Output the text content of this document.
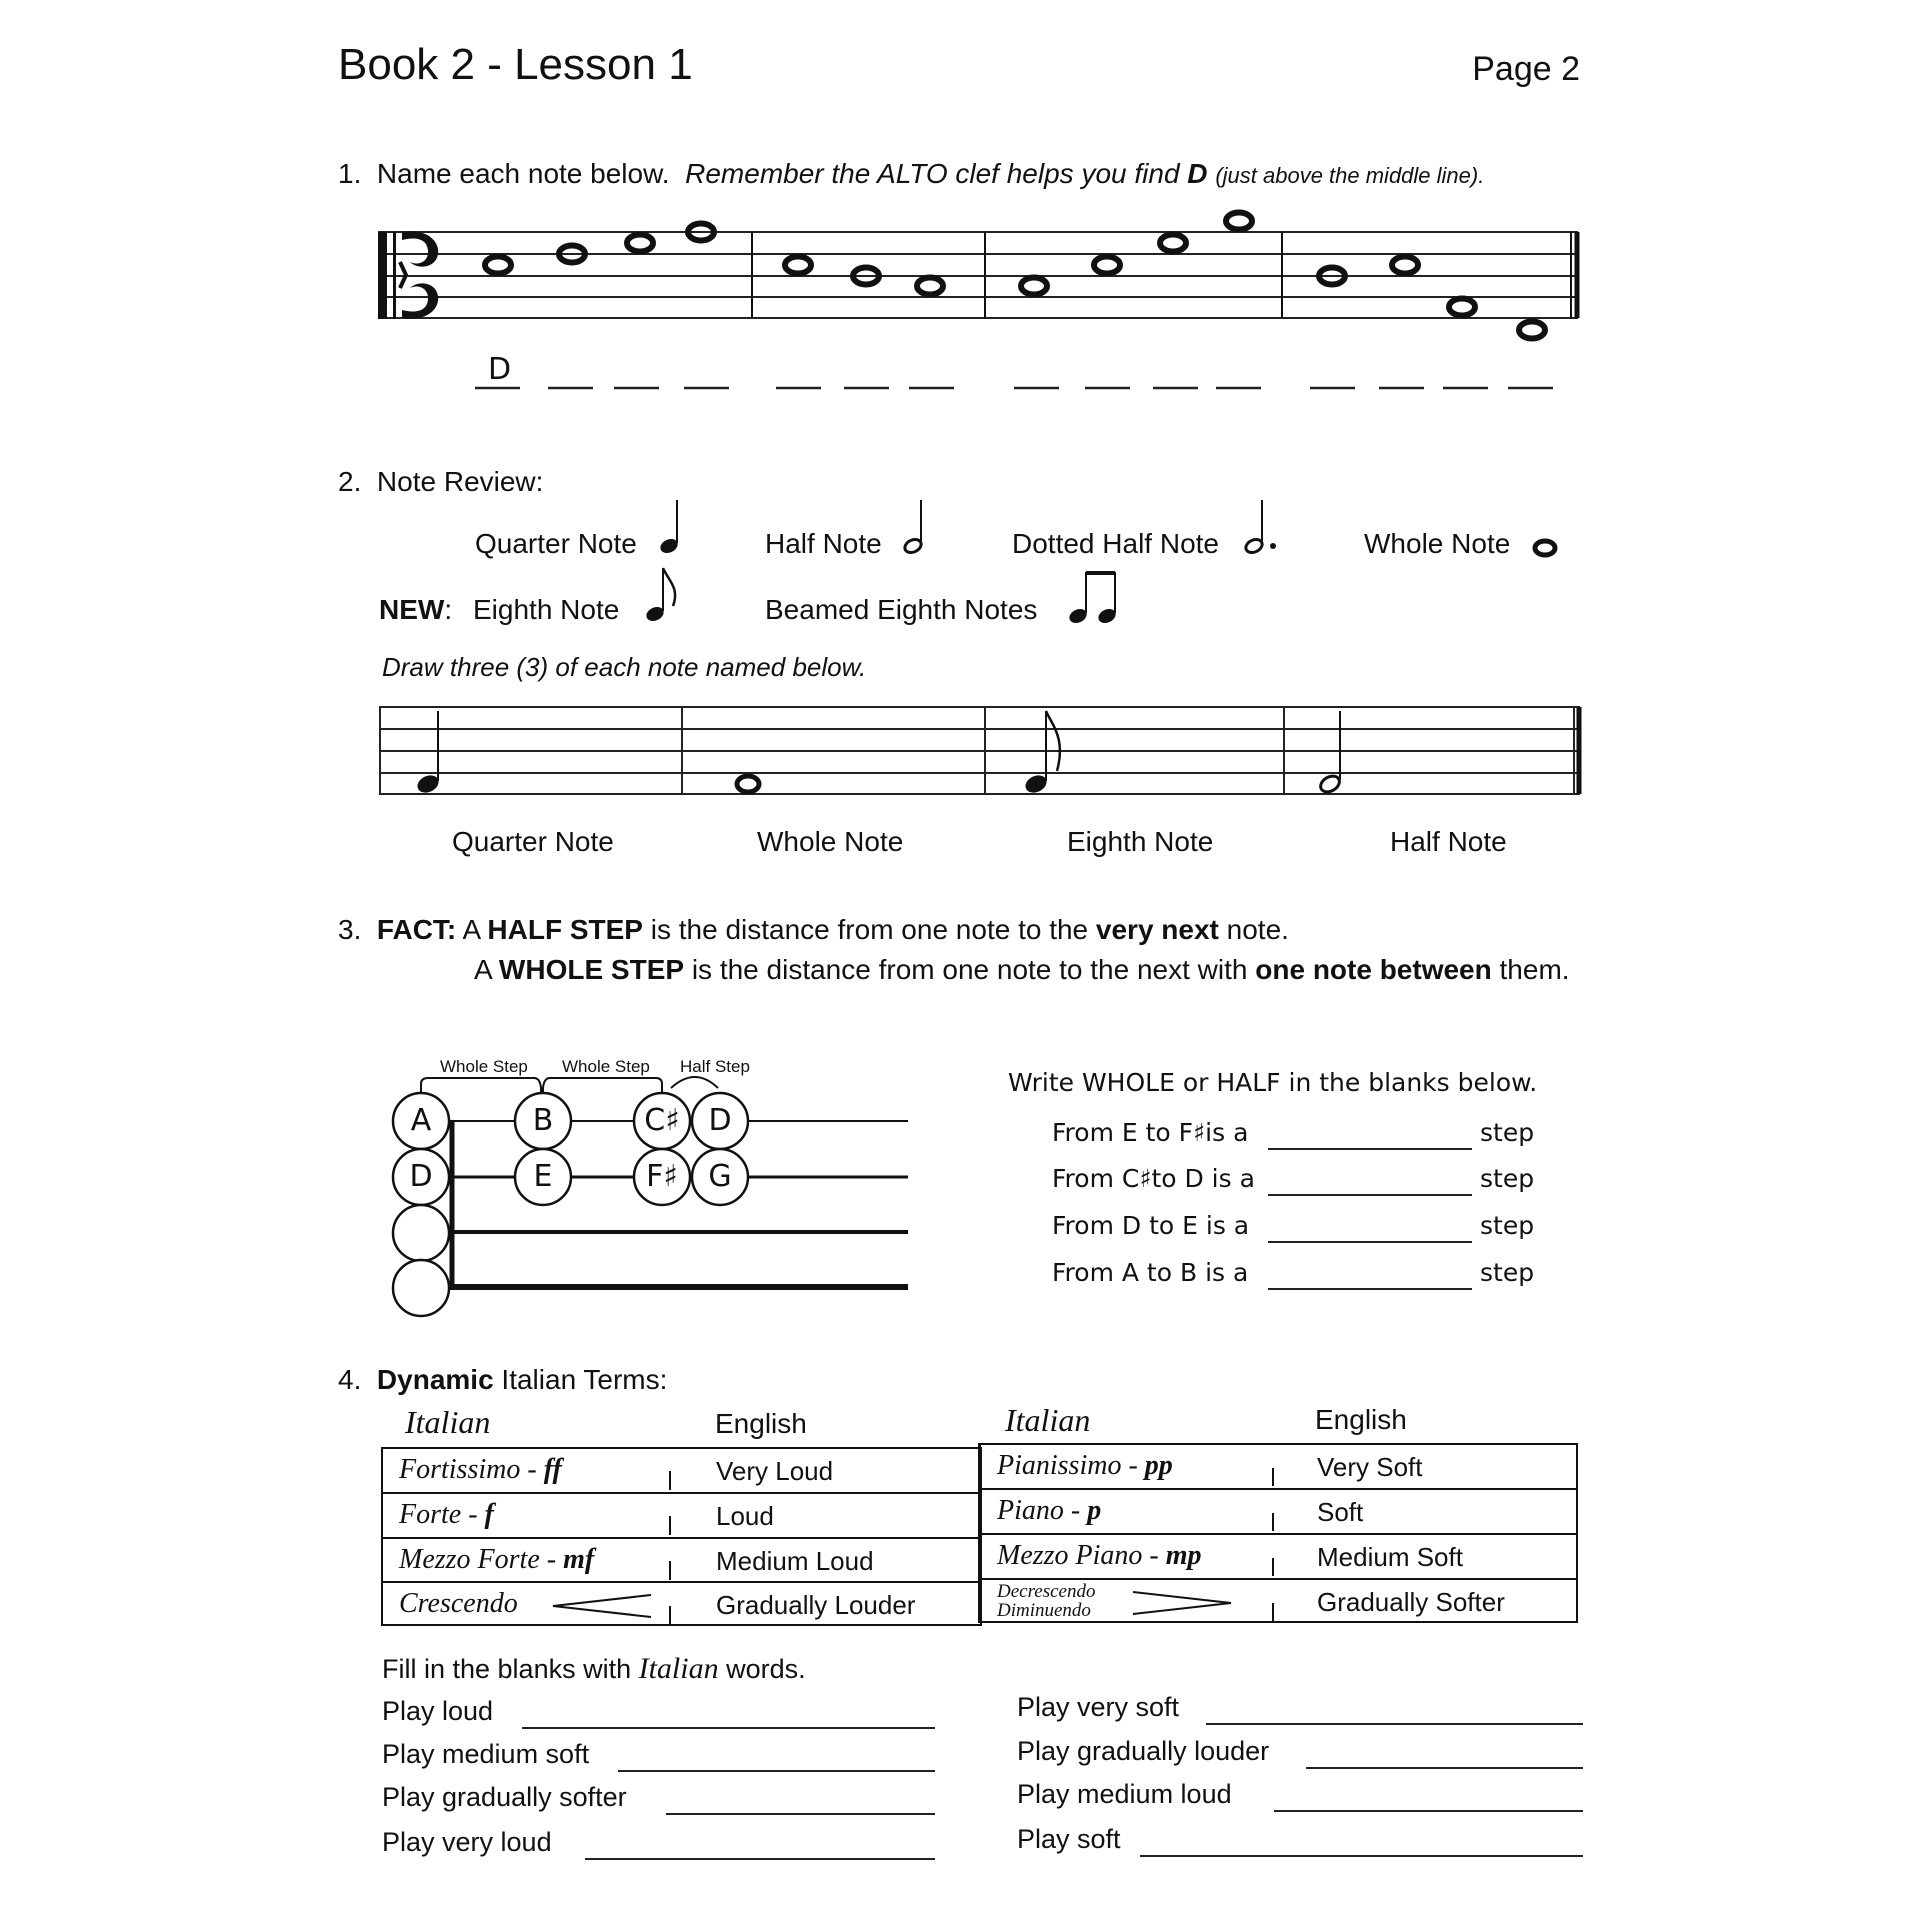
Book 2 - Lesson 1	Page 2
1. Name each note below. Remember the ALTO clef helps you find D (just above the middle line).
D
2. Note Review:
Quarter Note	Half Note	Dotted Half Note	Whole Note
NEW: Eighth Note	Beamed Eighth Notes
Draw three (3) of each note named below.
Quarter Note	Whole Note	Eighth Note	Half Note
3. FACT: A HALF STEP is the distance from one note to the very next note.
A WHOLE STEP is the distance from one note to the next with one note between them.
Whole Step Whole Step Half Step
A
D
B
E
C♯
F♯
D
G
Write WHOLE or HALF in the blanks below.
From E to F♯is a	step
From C♯to D is a	step
From D to E is a	step
From A to B is a	step
4. Dynamic Italian Terms:
Italian	English	Italian	English
Fortissimo - ff	Very Loud
Forte - f	Loud
Mezzo Forte - mf	Medium Loud
Crescendo	Gradually Louder
Pianissimo - pp	Very Soft
Piano - p	Soft
Mezzo Piano - mp	Medium Soft
Decrescendo
Diminuendo	Gradually Softer
Fill in the blanks with Italian words.
Play loud
Play medium soft
Play gradually softer
Play very loud
Play very soft
Play gradually louder
Play medium loud
Play soft
